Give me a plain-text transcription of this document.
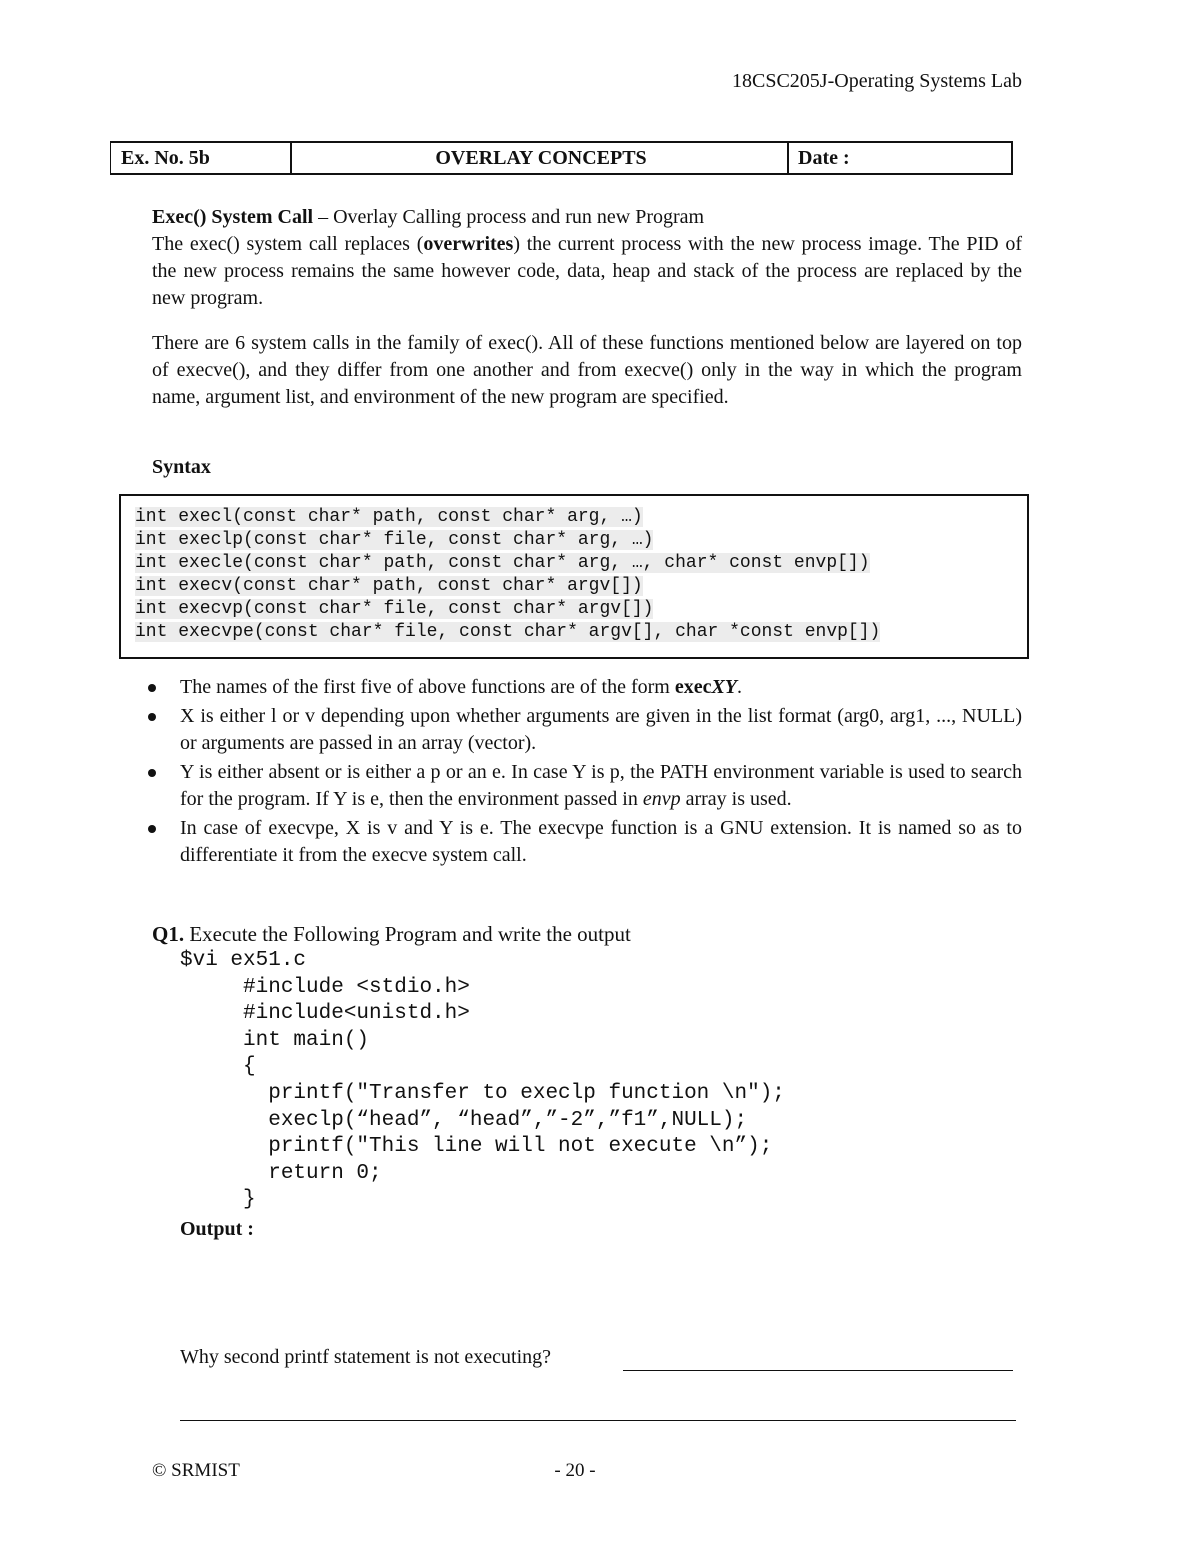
18CSC205J-Operating Systems Lab
Ex. No. 5b	OVERLAY CONCEPTS	Date :
Exec() System Call – Overlay Calling process and run new Program
The exec() system call replaces (overwrites) the current process with the new process image. The PID of the new process remains the same however code, data, heap and stack of the process are replaced by the new program.
There are 6 system calls in the family of exec(). All of these functions mentioned below are layered on top of execve(), and they differ from one another and from execve() only in the way in which the program name, argument list, and environment of the new program are specified.
Syntax
int execl(const char* path, const char* arg, …)
int execlp(const char* file, const char* arg, …)
int execle(const char* path, const char* arg, …, char* const envp[])
int execv(const char* path, const char* argv[])
int execvp(const char* file, const char* argv[])
int execvpe(const char* file, const char* argv[], char *const envp[])
The names of the first five of above functions are of the form execXY.
X is either l or v depending upon whether arguments are given in the list format (arg0, arg1, ..., NULL) or arguments are passed in an array (vector).
Y is either absent or is either a p or an e. In case Y is p, the PATH environment variable is used to search for the program. If Y is e, then the environment passed in envp array is used.
In case of execvpe, X is v and Y is e. The execvpe function is a GNU extension. It is named so as to differentiate it from the execve system call.
Q1. Execute the Following Program and write the output
$vi ex51.c
#include <stdio.h>
#include<unistd.h>
int main()
{
printf("Transfer to execlp function \n");
execlp(“head”, “head”,”-2”,”f1”,NULL);
printf("This line will not execute \n”);
return 0;
}
Output :
Why second printf statement is not executing?
© SRMIST	- 20 -
